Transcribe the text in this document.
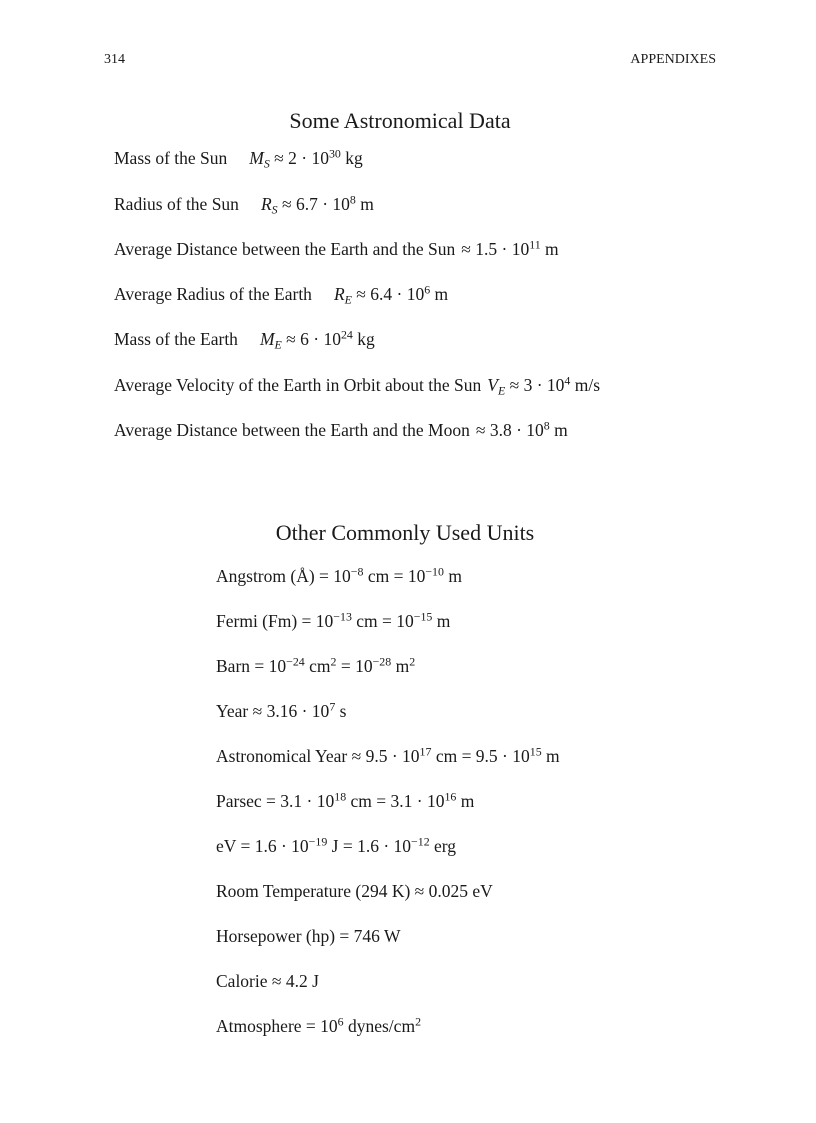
314	APPENDIXES
Some Astronomical Data
Mass of the Sun $M_S \approx 2 \cdot 10^{30}$ kg
Radius of the Sun $R_S \approx 6.7 \cdot 10^8$ m
Average Distance between the Earth and the Sun ≈ $1.5 \cdot 10^{11}$ m
Average Radius of the Earth $R_E \approx 6.4 \cdot 10^6$ m
Mass of the Earth $M_E \approx 6 \cdot 10^{24}$ kg
Average Velocity of the Earth in Orbit about the Sun $V_E \approx 3 \cdot 10^4$ m/s
Average Distance between the Earth and the Moon ≈ $3.8 \cdot 10^8$ m
Other Commonly Used Units
Angstrom (Å) = $10^{-8}$ cm = $10^{-10}$ m
Fermi $(Fm) = 10^{-13}$ cm = $10^{-15}$ m
Barn = $10^{-24}$ $cm^2 = 10^{-28}$ $m^2$
Year ≈ $3.16 \cdot 10^7$ s
Astronomical Year ≈ $9.5 \cdot 10^{17}$ cm = $9.5 \cdot 10^{15}$ m
$Parsec = 3.1 \cdot 10^{18}$ cm = $3.1 \cdot 10^{16}$ m
eV = $1.6 \cdot 10^{-19}$ $J = 1.6 \cdot 10^{-12}$ erg
Room Temperature (294 K) ≈ 0.025 eV
Horsepower (hp) = 746 W
Calorie ≈ 4.2 J
Atmosphere = $10^6$ dynes/$cm^2$
